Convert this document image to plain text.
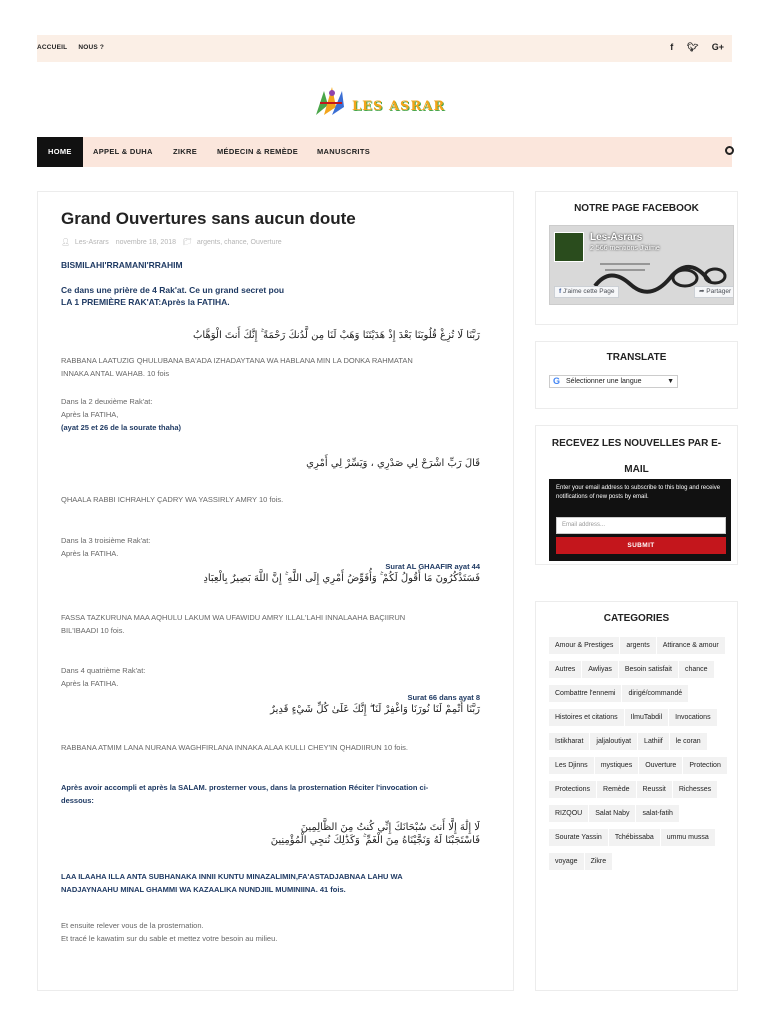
ACCUEIL NOUS ?	f 🐦︎ G+
LES ASRAR
HOME	APPEL & DUHA	ZIKRE	MÉDECIN & REMÈDE	MANUSCRITS
Grand Ouvertures sans aucun doute
👤︎ Les-Asrars novembre 18, 2018 📁︎ argents, chance, Ouverture
BISMILAHI'RRAMANI'RRAHIM
Ce dans une prière de 4 Rak'at. Ce un grand secret pou
LA 1 PREMIÈRE RAK'AT:Après la FATIHA.
رَبَّنَا لَا تُزِغْ قُلُوبَنَا بَعْدَ إِذْ هَدَيْتَنَا وَهَبْ لَنَا مِن لَّدُنكَ رَحْمَةً ۚ إِنَّكَ أَنتَ الْوَهَّابُ
RABBANA LAATUZIG QHULUBANA BA'ADA IZHADAYTANA WA HABLANA MIN LA DONKA RAHMATAN
INNAKA ANTAL WAHAB. 10 fois
Dans la 2 deuxième Rak'at:
Après la FATIHA,
(ayat 25 et 26 de la sourate thaha)
قَالَ رَبِّ اشْرَحْ لِي صَدْرِي ، وَيَسِّرْ لِي أَمْرِي
QHAALA RABBI ICHRAHLY ÇADRY WA YASSIRLY AMRY 10 fois.
Dans la 3 troisième Rak'at:
Après la FATIHA.
Surat AL GHAAFIR ayat 44
فَسَتَذْكُرُونَ مَا أَقُولُ لَكُمْ ۚ وَأُفَوِّضُ أَمْرِي إِلَى اللَّهِ ۚ إِنَّ اللَّهَ بَصِيرٌ بِالْعِبَادِ
FASSA TAZKURUNA MAA AQHULU LAKUM WA UFAWIDU AMRY ILLAL'LAHI INNALAAHA BAÇIIRUN
BIL'IBAADI 10 fois.
Dans 4 quatrième Rak'at:
Après la FATIHA.
Surat 66 dans ayat 8
رَبَّنَا أَتْمِمْ لَنَا نُورَنَا وَاغْفِرْ لَنَا ۖ إِنَّكَ عَلَىٰ كُلِّ شَيْءٍ قَدِيرٌ
RABBANA ATMIM LANA NURANA WAGHFIRLANA INNAKA ALAA KULLI CHEY'IN QHADIIRUN 10 fois.
Après avoir accompli et après la SALAM. prosterner vous, dans la prosternation Réciter l'invocation ci-
dessous:
لَا إِلَٰهَ إِلَّا أَنتَ سُبْحَانَكَ إِنِّي كُنتُ مِنَ الظَّالِمِينَ
فَاسْتَجَبْنَا لَهُ وَنَجَّيْنَاهُ مِنَ الْغَمِّ ۚ وَكَذَٰلِكَ نُنجِي الْمُؤْمِنِينَ
LAA ILAAHA ILLA ANTA SUBHANAKA INNII KUNTU MINAZALIMIN,FA'ASTADJABNAA LAHU WA
NADJAYNAAHU MINAL GHAMMI WA KAZAALIKA NUNDJIIL MUMINIINA. 41 fois.
Et ensuite relever vous de la prosternation.
Et tracé le kawatim sur du sable et mettez votre besoin au milieu.
NOTRE PAGE FACEBOOK
Les-Asrars
2 566 mentions J'aime
f J'aime cette Page	➦ Partager
TRANSLATE
G Sélectionner une langue	▼
RECEVEZ LES NOUVELLES PAR E-
MAIL
Enter your email address to subscribe to this blog and receive notifications of new posts by email.
Email address...
SUBMIT
CATEGORIES
Amour & Prestiges argents Attirance & amourAutres Awliyas Besoin satisfait chanceCombattre l'ennemi dirigé/commandéHistoires et citations IlmuTabdil InvocationsIstikharat jaljaloutiyat Lathiif le coranLes Djinns mystiques Ouverture ProtectionProtections Remède Reussit RichessesRIZQOU Salat Naby salat-fatihSourate Yassin Tchébissaba ummu mussavoyage Zikre
